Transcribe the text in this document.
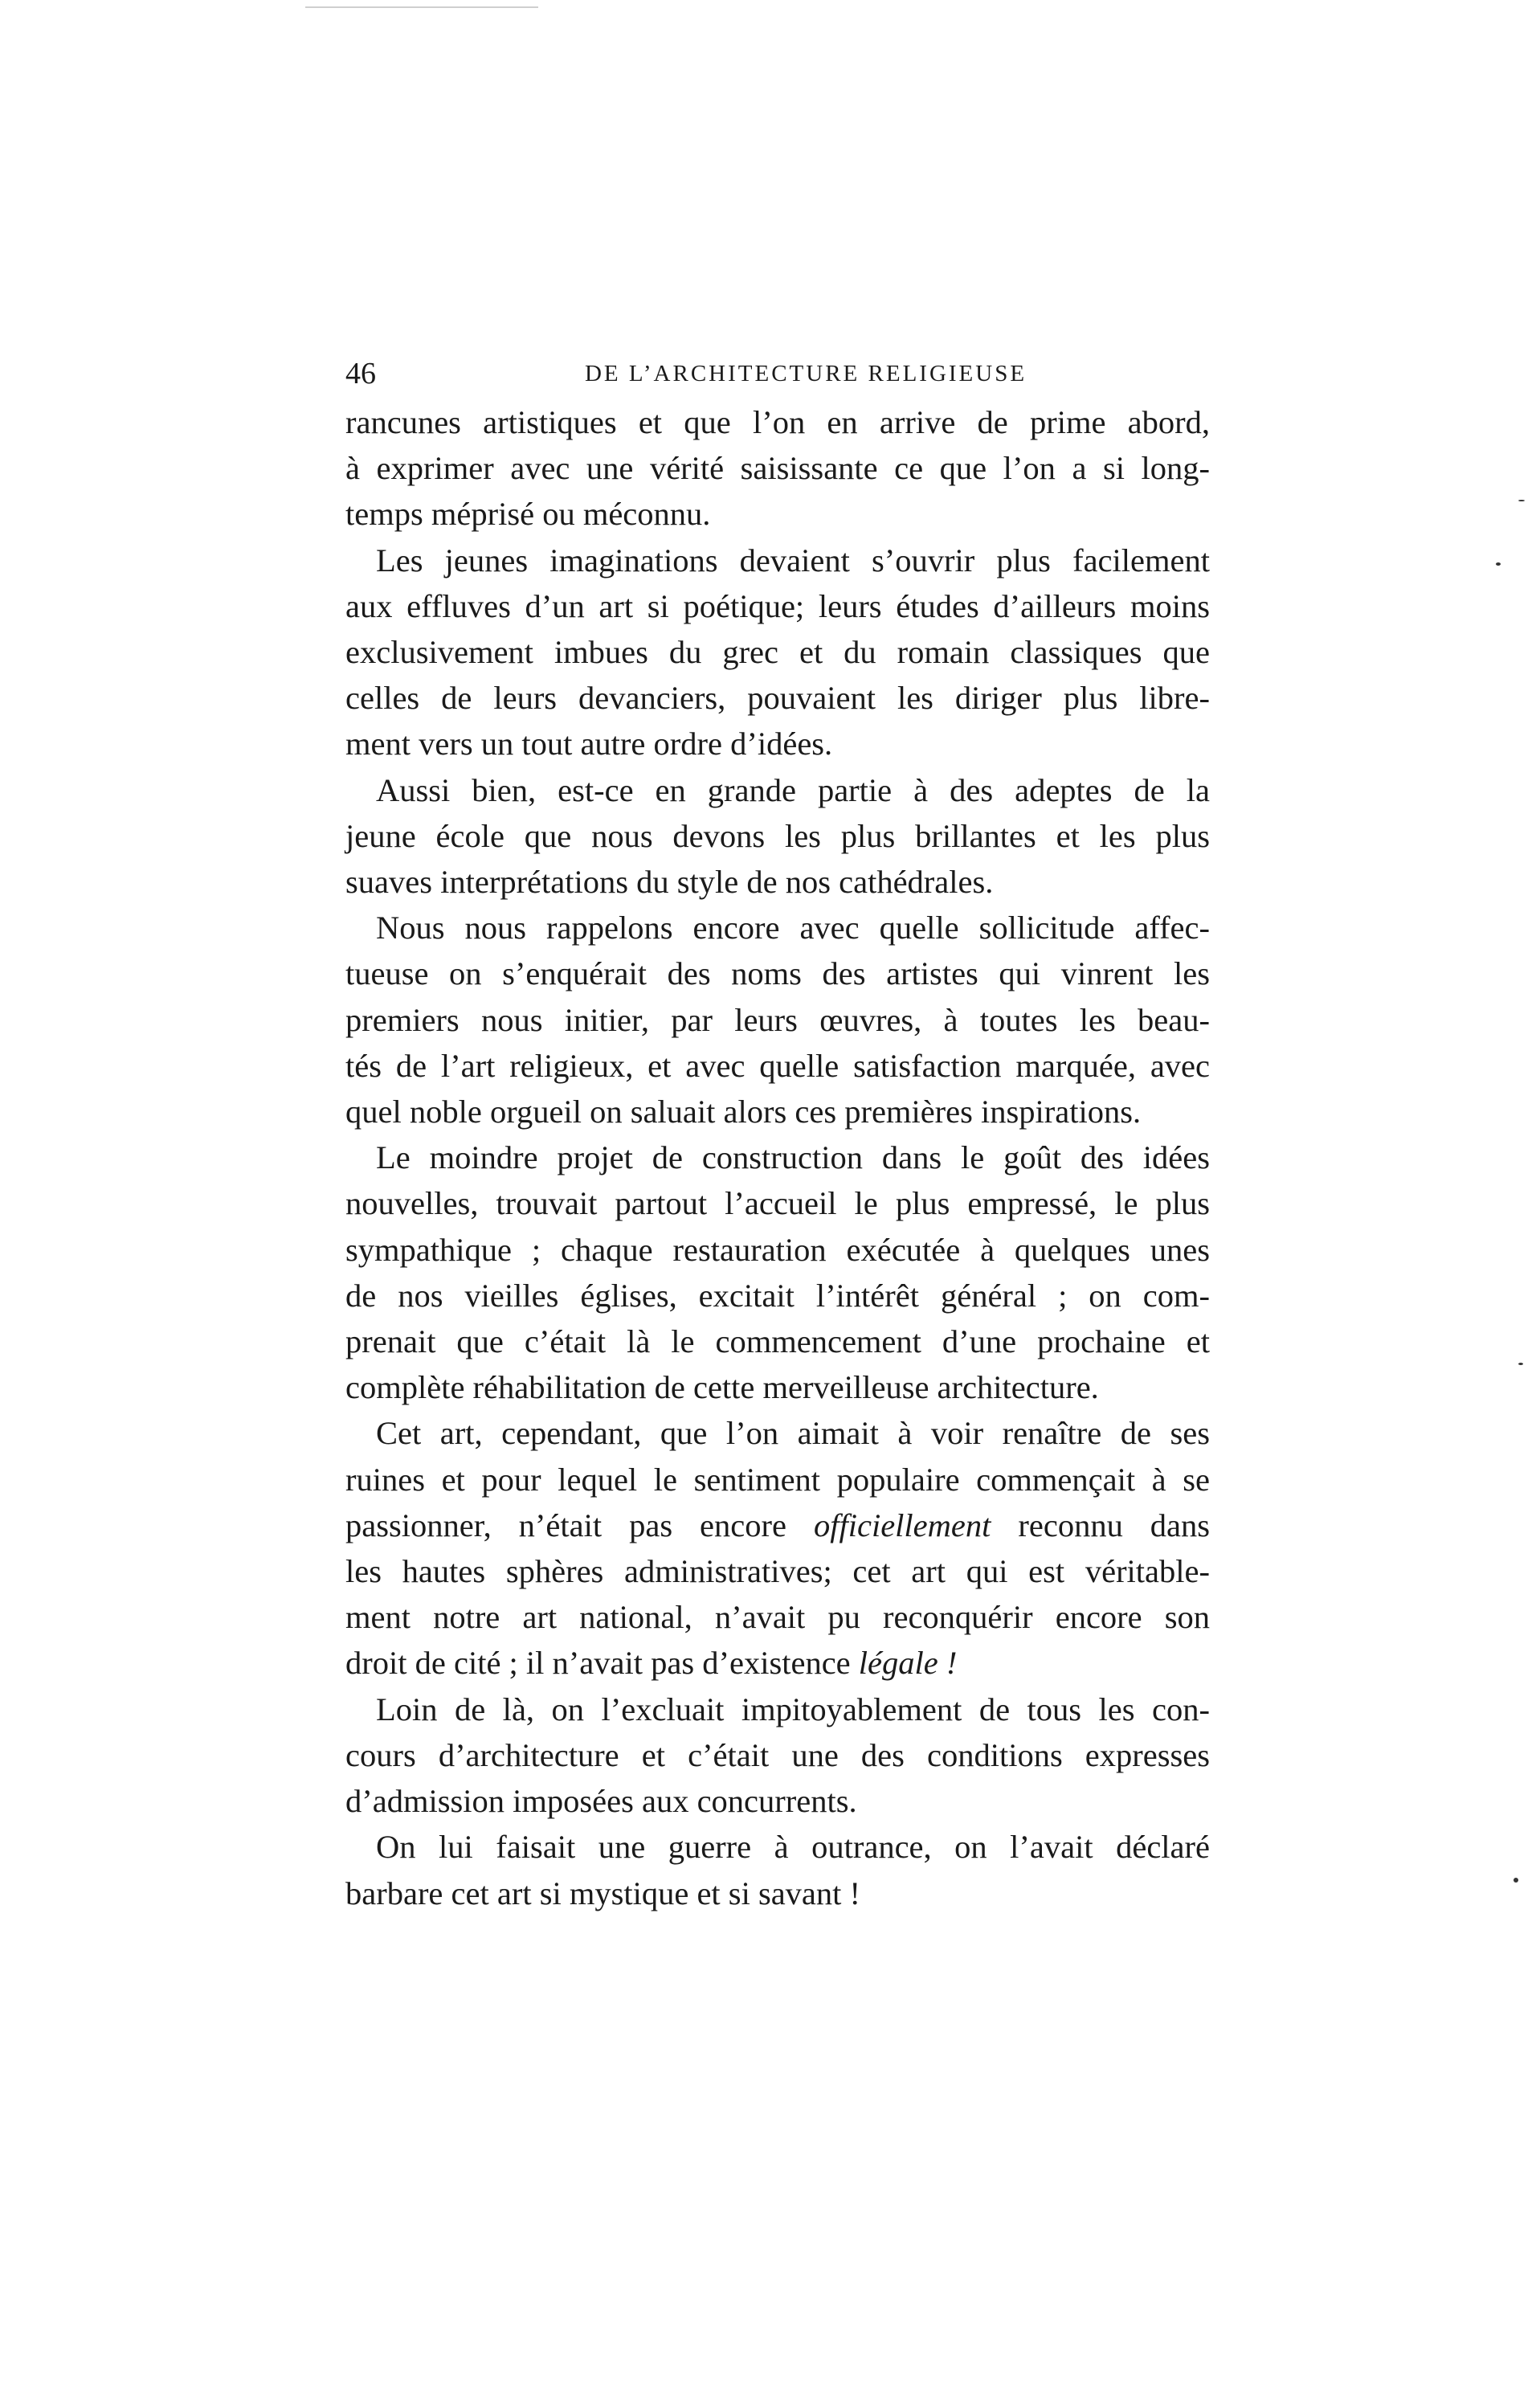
46	DE L’ARCHITECTURE RELIGIEUSE
rancunes artistiques et que l’on en arrive de prime abord,
à exprimer avec une vérité saisissante ce que l’on a si long-
temps méprisé ou méconnu.
Les jeunes imaginations devaient s’ouvrir plus facilement
aux effluves d’un art si poétique; leurs études d’ailleurs moins
exclusivement imbues du grec et du romain classiques que
celles de leurs devanciers, pouvaient les diriger plus libre-
ment vers un tout autre ordre d’idées.
Aussi bien, est-ce en grande partie à des adeptes de la
jeune école que nous devons les plus brillantes et les plus
suaves interprétations du style de nos cathédrales.
Nous nous rappelons encore avec quelle sollicitude affec-
tueuse on s’enquérait des noms des artistes qui vinrent les
premiers nous initier, par leurs œuvres, à toutes les beau-
tés de l’art religieux, et avec quelle satisfaction marquée, avec
quel noble orgueil on saluait alors ces premières inspirations.
Le moindre projet de construction dans le goût des idées
nouvelles, trouvait partout l’accueil le plus empressé, le plus
sympathique ; chaque restauration exécutée à quelques unes
de nos vieilles églises, excitait l’intérêt général ; on com-
prenait que c’était là le commencement d’une prochaine et
complète réhabilitation de cette merveilleuse architecture.
Cet art, cependant, que l’on aimait à voir renaître de ses
ruines et pour lequel le sentiment populaire commençait à se
passionner, n’était pas encore officiellement reconnu dans
les hautes sphères administratives; cet art qui est véritable-
ment notre art national, n’avait pu reconquérir encore son
droit de cité ; il n’avait pas d’existence légale !
Loin de là, on l’excluait impitoyablement de tous les con-
cours d’architecture et c’était une des conditions expresses
d’admission imposées aux concurrents.
On lui faisait une guerre à outrance, on l’avait déclaré
barbare cet art si mystique et si savant !
